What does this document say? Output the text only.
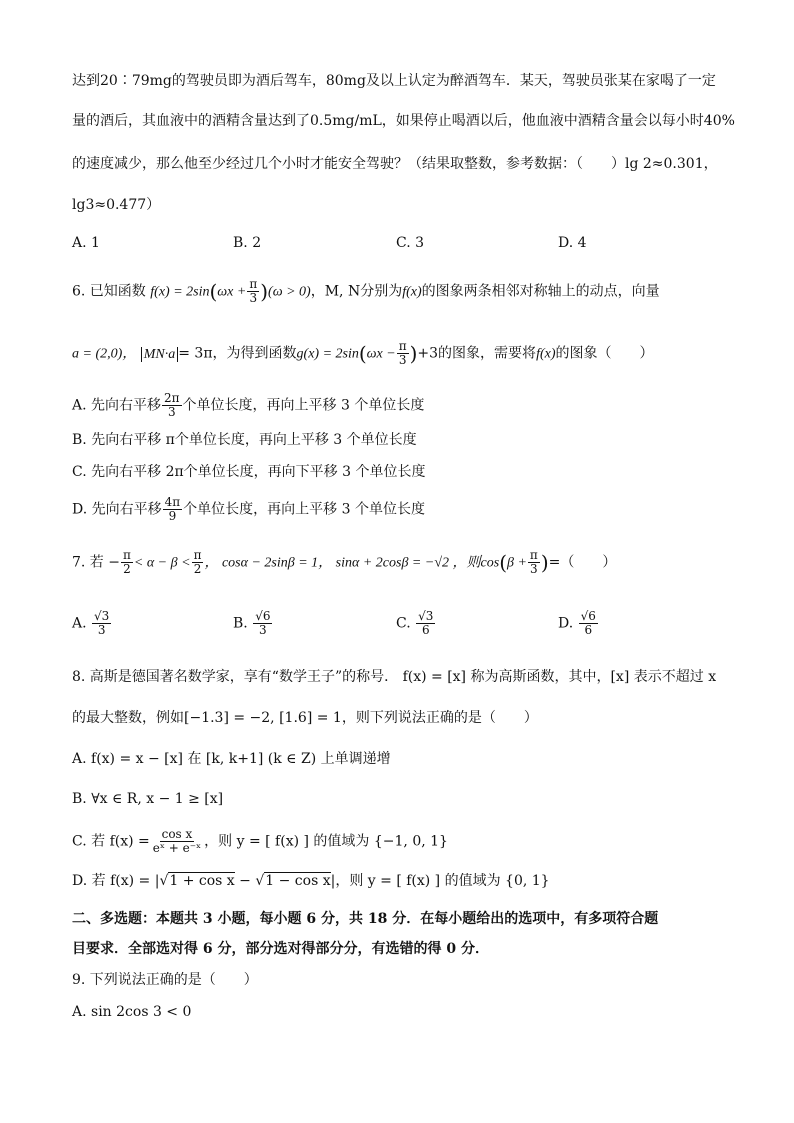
达到20∶79mg的驾驶员即为酒后驾车，80mg及以上认定为醉酒驾车．某天，驾驶员张某在家喝了一定
量的酒后，其血液中的酒精含量达到了0.5mg/mL，如果停止喝酒以后，他血液中酒精含量会以每小时40%
的速度减少，那么他至少经过几个小时才能安全驾驶？（结果取整数，参考数据：（　　）lg 2≈0.301，
lg3≈0.477）
A. 1	B. 2	C. 3	D. 4
6. 已知函数 $f(x) = 2\sin(\omega x + \frac{\pi}{3} )(\omega > 0)$，M, N分别为f(x)的图象两条相邻对称轴上的动点，向量
a = (2,0)， MN·a = 3π，为得到函数$g(x) = 2\sin(\omega x - \frac{\pi}{3} )+3$的图象，需要将f(x)的图象（　　）
A. 先向右平移 $\frac{2\pi}{3}$ 个单位长度，再向上平移 3 个单位长度
B. 先向右平移 π个单位长度，再向上平移 3 个单位长度
C. 先向右平移 2π个单位长度，再向下平移 3 个单位长度
D. 先向右平移 $\frac{4\pi}{9}$ 个单位长度，再向上平移 3 个单位长度
7. 若 − $\frac{\pi}{2} < \alpha - \beta < \frac{\pi}{2}$ ， cosα − 2sinβ = 1， sinα + 2cosβ = −√2 ，则$\cos(\beta + \frac{\pi}{3}$ )=（　　）
A. $\frac{√3}{3}$	B. $\frac{√6}{3}$	C. $\frac{√3}{6}$	D. $\frac{√6}{6}$
8. 高斯是德国著名数学家，享有“数学王子”的称号． f(x) = [x] 称为高斯函数，其中，[x] 表示不超过 x
的最大整数，例如[−1.3] = −2, [1.6] = 1，则下列说法正确的是（　　）
A. f(x) = x − [x] 在 [k, k+1] (k ∈ Z) 上单调递增
B. ∀x ∈ R, x − 1 ≥ [x]
C. 若 $f(x) = \frac{\text{cos x}}{\text{eˣ + e⁻ˣ}}$ ，则 y = [ f(x) ] 的值域为 {−1, 0, 1}
D. 若 f(x) = |√1 + cos x − √1 − cos x|，则 y = [ f(x) ] 的值域为 {0, 1}
二、多选题：本题共 3 小题，每小题 6 分，共 18 分．在每小题给出的选项中，有多项符合题
目要求．全部选对得 6 分，部分选对得部分分，有选错的得 0 分．
9. 下列说法正确的是（　　）
A. sin 2cos 3 < 0
